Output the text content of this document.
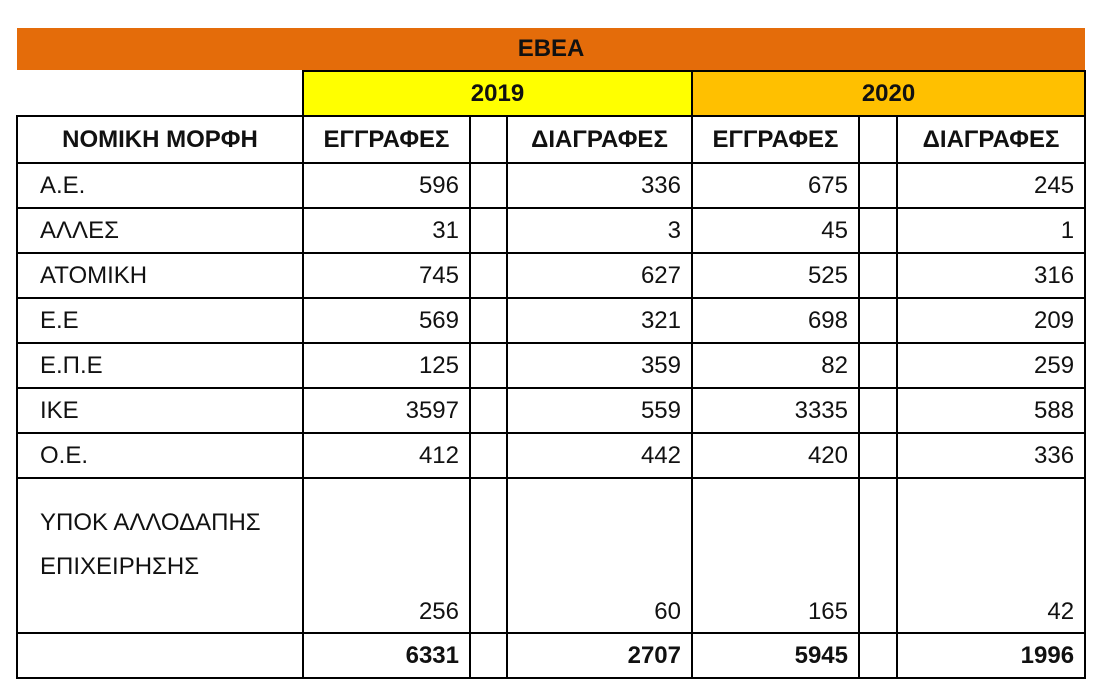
ΕΒΕΑ						
	2019			2020		
ΝΟΜΙΚΗ ΜΟΡΦΗ	ΕΓΓΡΑΦΕΣ		ΔΙΑΓΡΑΦΕΣ	ΕΓΓΡΑΦΕΣ		ΔΙΑΓΡΑΦΕΣ
Α.Ε.	596		336	675		245
ΑΛΛΕΣ	31		3	45		1
ΑΤΟΜΙΚΗ	745		627	525		316
Ε.Ε	569		321	698		209
Ε.Π.Ε	125		359	82		259
ΙΚΕ	3597		559	3335		588
Ο.Ε.	412		442	420		336
ΥΠΟΚ ΑΛΛΟΔΑΠΗΣ ΕΠΙΧΕΙΡΗΣΗΣ	256		60	165		42
	6331		2707	5945		1996
